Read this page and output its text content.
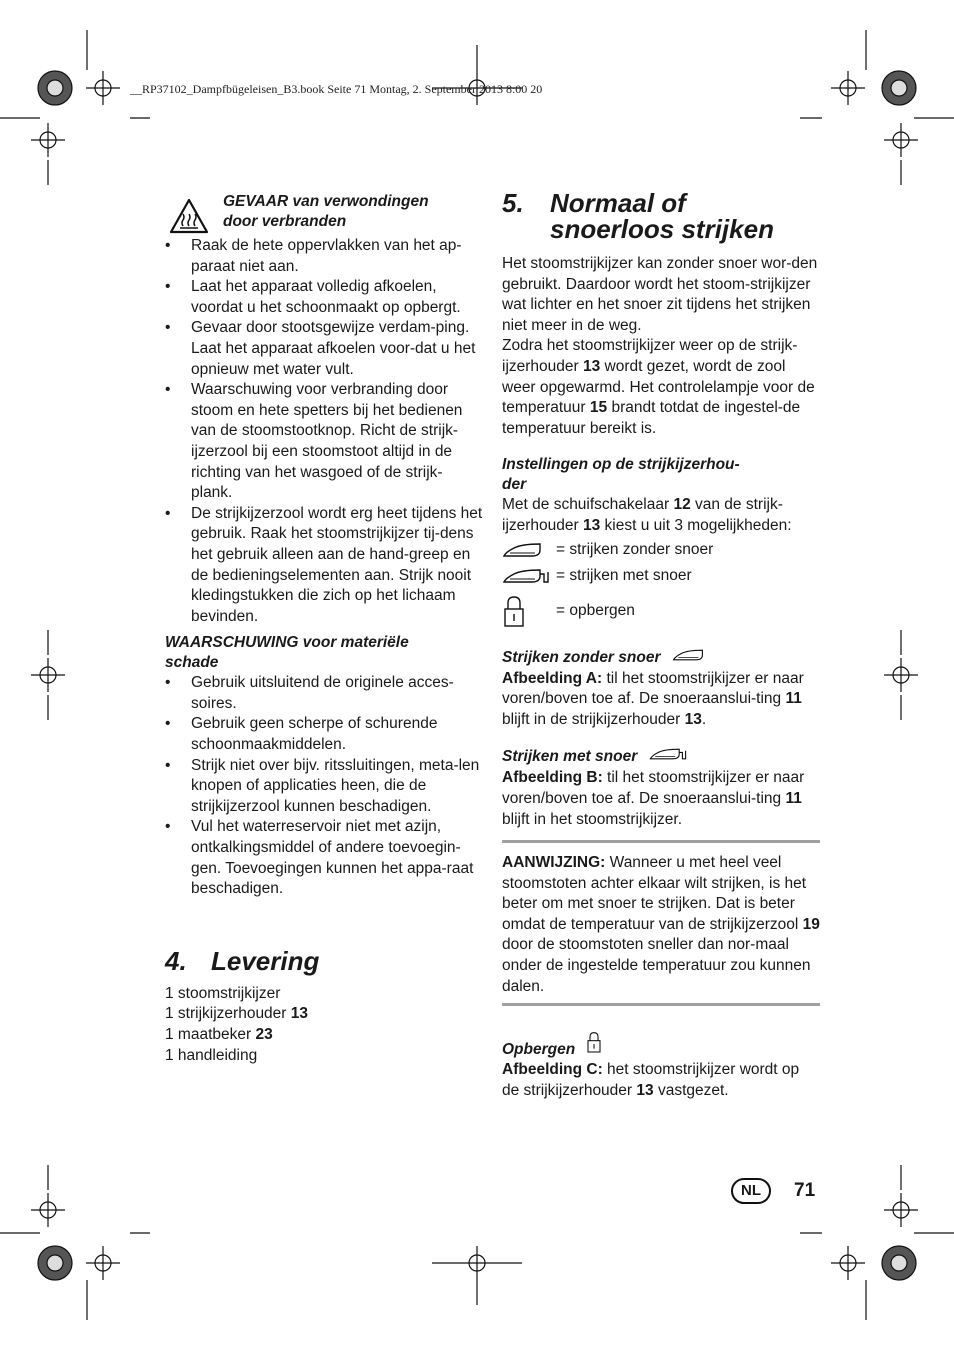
__RP37102_Dampfbügeleisen_B3.book Seite 71 Montag, 2. September 2013 8:00 20
GEVAAR van verwondingen
door verbranden
• Raak de hete oppervlakken van het ap-paraat niet aan.
• Laat het apparaat volledig afkoelen, voordat u het schoonmaakt op opbergt.
• Gevaar door stootsgewijze verdam-ping. Laat het apparaat afkoelen voor-dat u het opnieuw met water vult.
• Waarschuwing voor verbranding door stoom en hete spetters bij het bedienen van de stoomstootknop. Richt de strijk-ijzerzool bij een stoomstoot altijd in de richting van het wasgoed of de strijk-plank.
• De strijkijzerzool wordt erg heet tijdens het gebruik. Raak het stoomstrijkijzer tij-dens het gebruik alleen aan de hand-greep en de bedieningselementen aan. Strijk nooit kledingstukken die zich op het lichaam bevinden.
WAARSCHUWING voor materiële
schade
• Gebruik uitsluitend de originele acces-soires.
• Gebruik geen scherpe of schurende schoonmaakmiddelen.
• Strijk niet over bijv. ritssluitingen, meta-len knopen of applicaties heen, die de strijkijzerzool kunnen beschadigen.
• Vul het waterreservoir niet met azijn, ontkalkingsmiddel of andere toevoegin-gen. Toevoegingen kunnen het appa-raat beschadigen.
4. Levering

1 stoomstrijkijzer

1 strijkijzerhouder 13

1 maatbeker 23

1 handleiding

5. Normaal of
snoerloos strijken

Het stoomstrijkijzer kan zonder snoer wor-den gebruikt. Daardoor wordt het stoom-strijkijzer wat lichter en het snoer zit tijdens het strijken niet meer in de weg.

Zodra het stoomstrijkijzer weer op de strijk-ijzerhouder 13 wordt gezet, wordt de zool weer opgewarmd. Het controlelampje voor de temperatuur 15 brandt totdat de ingestel-de temperatuur bereikt is.

Instellingen op de strijkijzerhou-
der

Met de schuifschakelaar 12 van de strijk-ijzerhouder 13 kiest u uit 3 mogelijkheden:

= strijken zonder snoer
= strijken met snoer
= opbergen
Strijken zonder snoer

Afbeelding A: til het stoomstrijkijzer er naar voren/boven toe af. De snoeraanslui-ting 11 blijft in de strijkijzerhouder 13.

Strijken met snoer

Afbeelding B: til het stoomstrijkijzer er naar voren/boven toe af. De snoeraanslui-ting 11 blijft in het stoomstrijkijzer.

AANWIJZING: Wanneer u met heel veel stoomstoten achter elkaar wilt strijken, is het beter om met snoer te strijken. Dat is beter omdat de temperatuur van de strijkijzerzool 19 door de stoomstoten sneller dan nor-maal onder de ingestelde temperatuur zou kunnen dalen.

Opbergen

Afbeelding C: het stoomstrijkijzer wordt op de strijkijzerhouder 13 vastgezet.

NL	71
